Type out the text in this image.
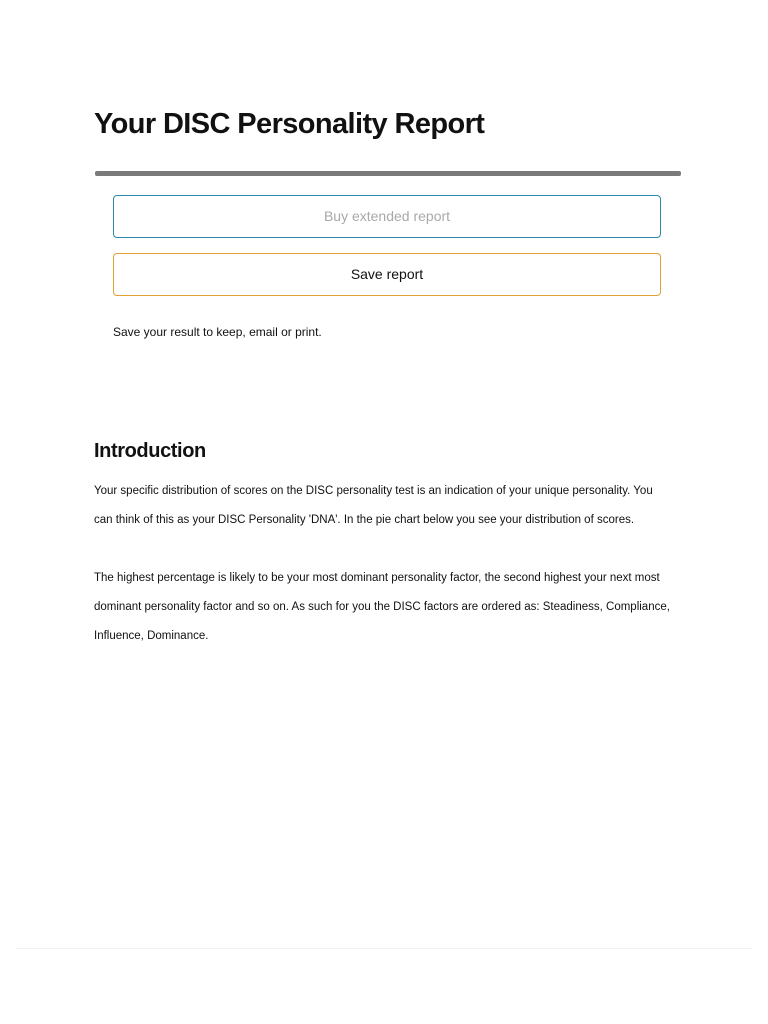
Your DISC Personality Report
Buy extended report
Save report

Save your result to keep, email or print.

Introduction

Your specific distribution of scores on the DISC personality test is an indication of your unique personality. You can think of this as your DISC Personality 'DNA'. In the pie chart below you see your distribution of scores.

The highest percentage is likely to be your most dominant personality factor, the second highest your next most dominant personality factor and so on. As such for you the DISC factors are ordered as: Steadiness, Compliance, Influence, Dominance.
